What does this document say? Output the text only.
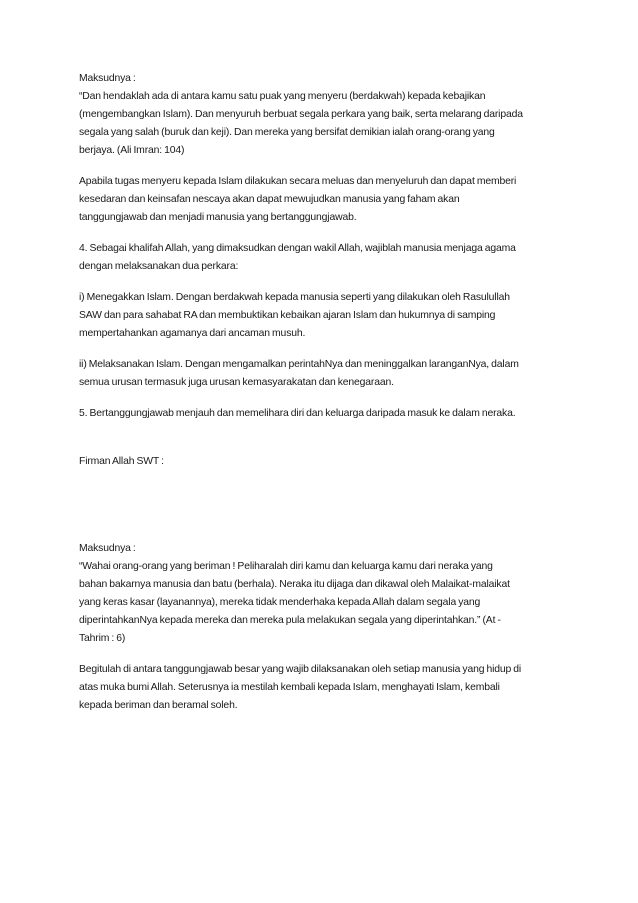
Maksudnya :
“Dan hendaklah ada di antara kamu satu puak yang menyeru (berdakwah) kepada kebajikan
(mengembangkan Islam). Dan menyuruh berbuat segala perkara yang baik, serta melarang daripada
segala yang salah (buruk dan keji). Dan mereka yang bersifat demikian ialah orang-orang yang
berjaya. (Ali Imran: 104)

Apabila tugas menyeru kepada Islam dilakukan secara meluas dan menyeluruh dan dapat memberi
kesedaran dan keinsafan nescaya akan dapat mewujudkan manusia yang faham akan
tanggungjawab dan menjadi manusia yang bertanggungjawab.

4. Sebagai khalifah Allah, yang dimaksudkan dengan wakil Allah, wajiblah manusia menjaga agama
dengan melaksanakan dua perkara:

i) Menegakkan Islam. Dengan berdakwah kepada manusia seperti yang dilakukan oleh Rasulullah
SAW dan para sahabat RA dan membuktikan kebaikan ajaran Islam dan hukumnya di samping
mempertahankan agamanya dari ancaman musuh.

ii) Melaksanakan Islam. Dengan mengamalkan perintahNya dan meninggalkan laranganNya, dalam
semua urusan termasuk juga urusan kemasyarakatan dan kenegaraan.

5. Bertanggungjawab menjauh dan memelihara diri dan keluarga daripada masuk ke dalam neraka.

Firman Allah SWT :

Maksudnya :
“Wahai orang-orang yang beriman ! Peliharalah diri kamu dan keluarga kamu dari neraka yang
bahan bakarnya manusia dan batu (berhala). Neraka itu dijaga dan dikawal oleh Malaikat-malaikat
yang keras kasar (layanannya), mereka tidak menderhaka kepada Allah dalam segala yang
diperintahkanNya kepada mereka dan mereka pula melakukan segala yang diperintahkan.” (At -
Tahrim : 6)

Begitulah di antara tanggungjawab besar yang wajib dilaksanakan oleh setiap manusia yang hidup di
atas muka bumi Allah. Seterusnya ia mestilah kembali kepada Islam, menghayati Islam, kembali
kepada beriman dan beramal soleh.
